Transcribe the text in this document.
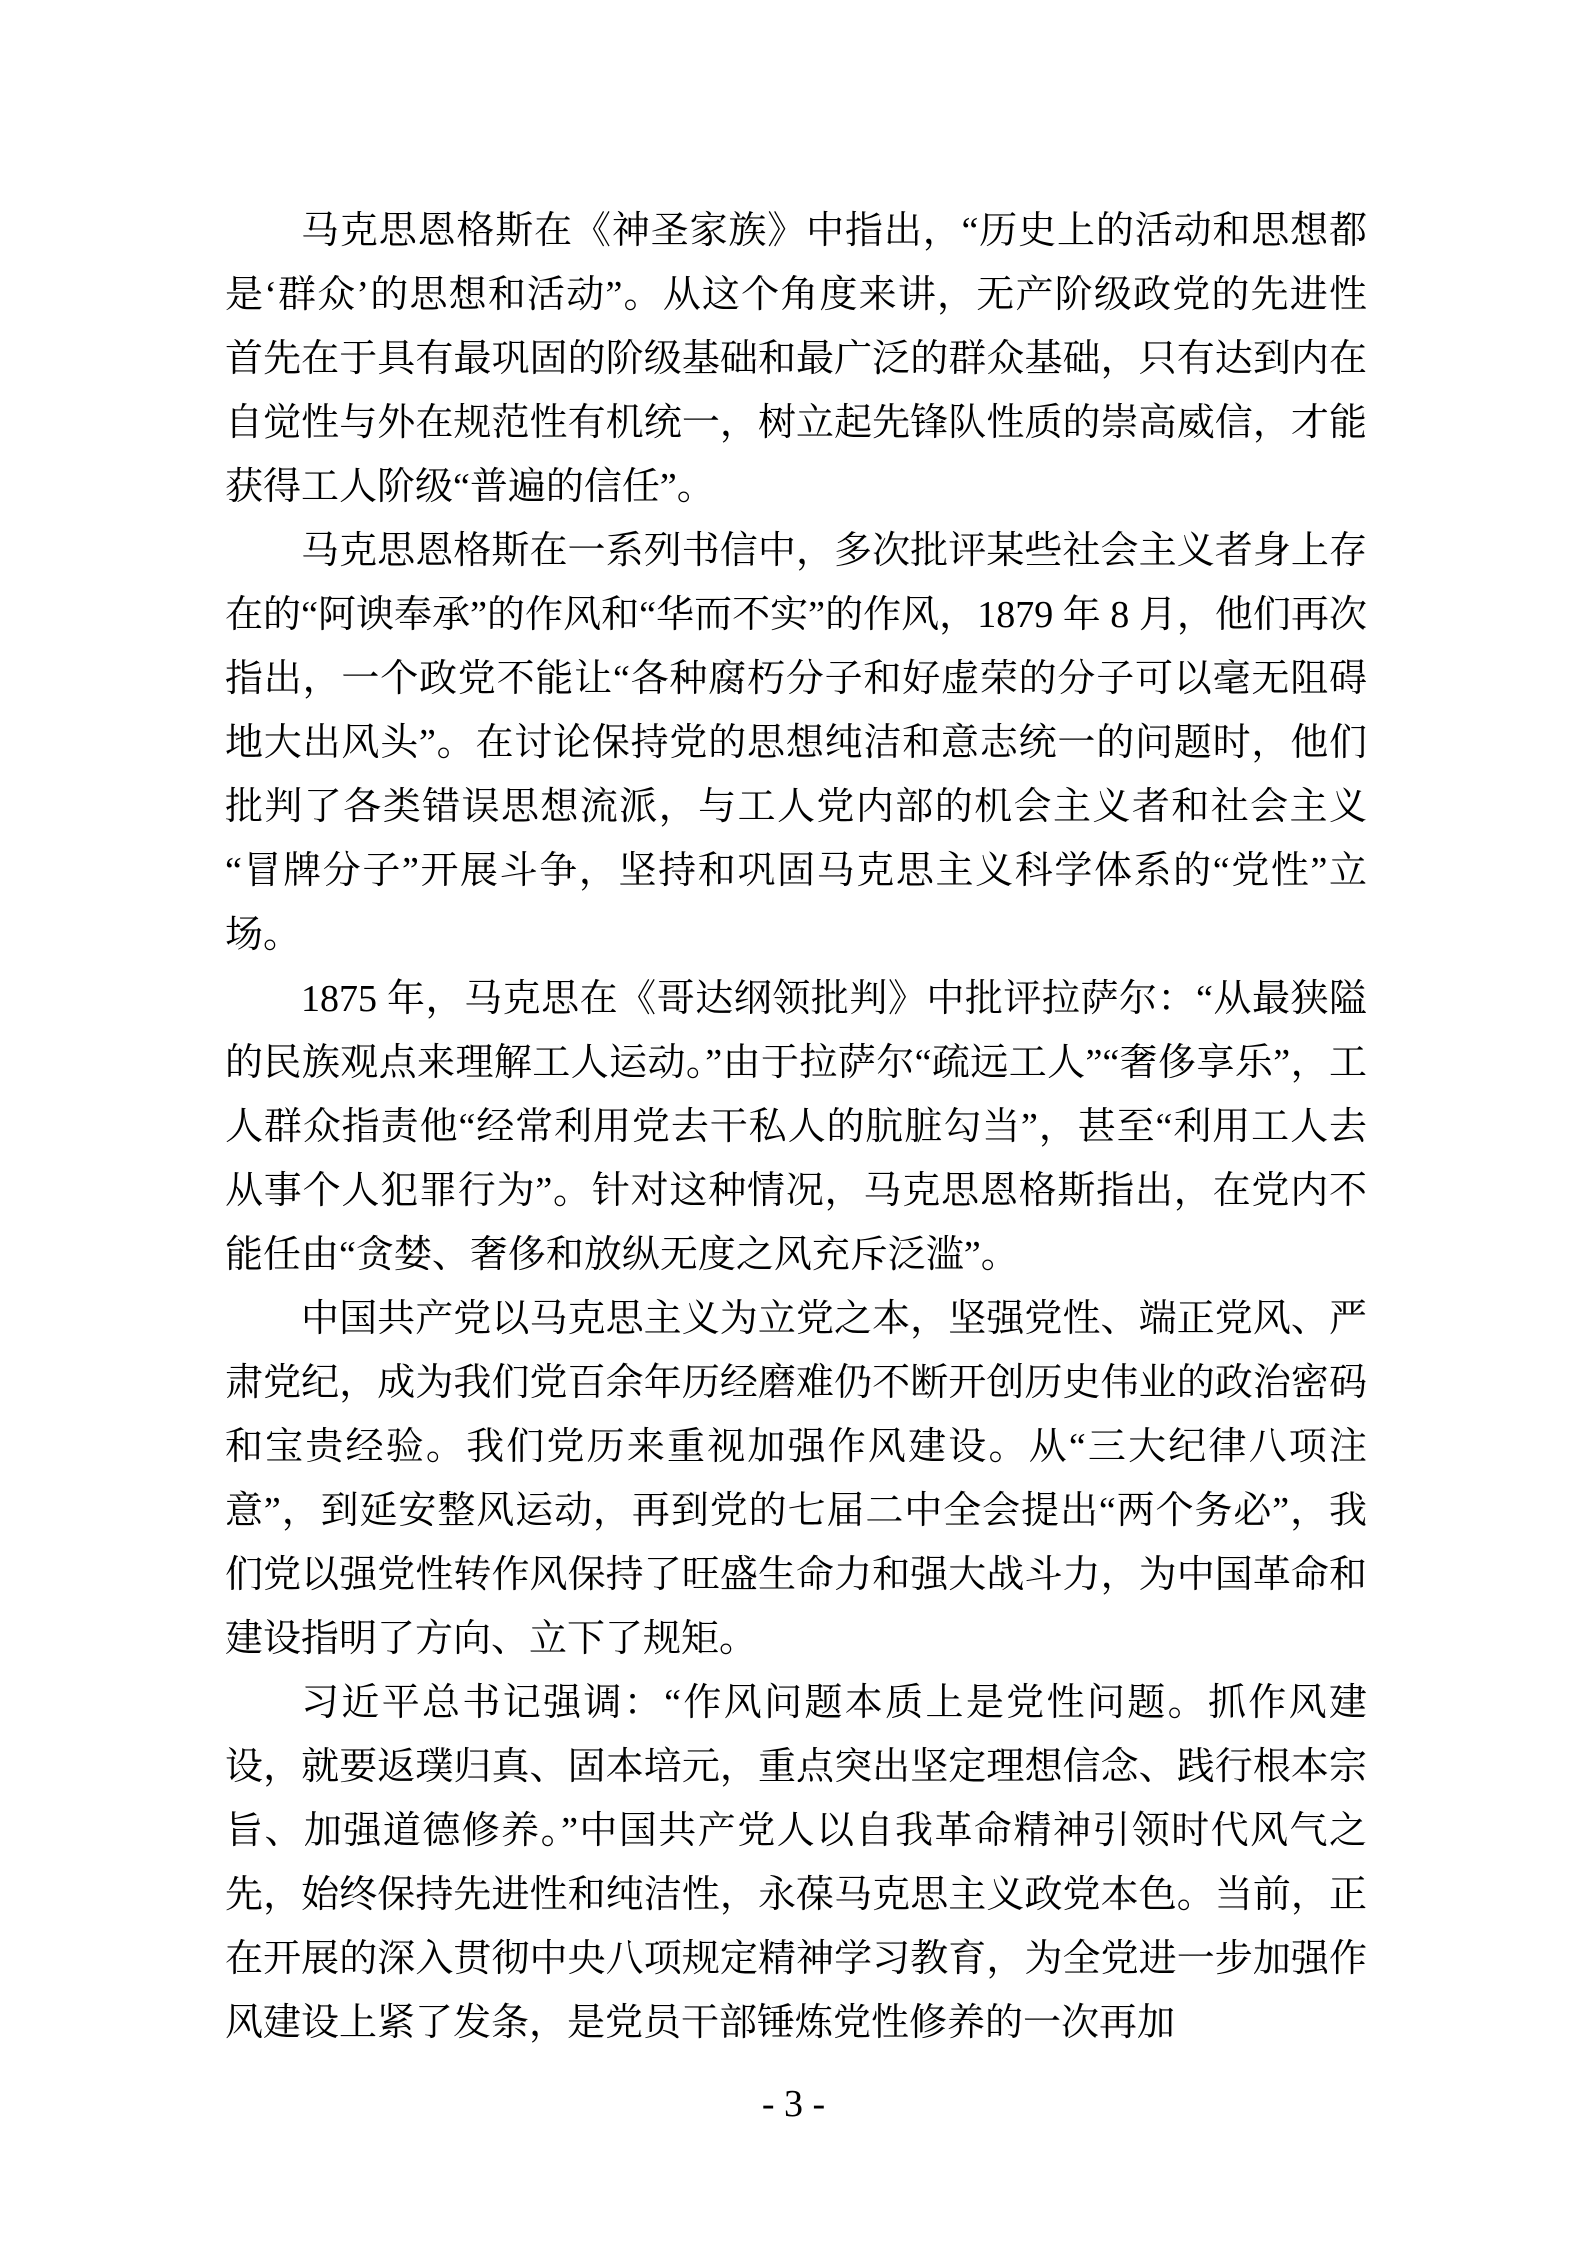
马克思恩格斯在《神圣家族》中指出，“历史上的活动和思想都是‘群众’的思想和活动”。从这个角度来讲，无产阶级政党的先进性首先在于具有最巩固的阶级基础和最广泛的群众基础，只有达到内在自觉性与外在规范性有机统一，树立起先锋队性质的崇高威信，才能获得工人阶级“普遍的信任”。

马克思恩格斯在一系列书信中，多次批评某些社会主义者身上存在的“阿谀奉承”的作风和“华而不实”的作风，1879 年 8 月，他们再次指出，一个政党不能让“各种腐朽分子和好虚荣的分子可以毫无阻碍地大出风头”。在讨论保持党的思想纯洁和意志统一的问题时，他们批判了各类错误思想流派，与工人党内部的机会主义者和社会主义“冒牌分子”开展斗争，坚持和巩固马克思主义科学体系的“党性”立场。

1875 年，马克思在《哥达纲领批判》中批评拉萨尔：“从最狭隘的民族观点来理解工人运动。”由于拉萨尔“疏远工人”“奢侈享乐”，工人群众指责他“经常利用党去干私人的肮脏勾当”，甚至“利用工人去从事个人犯罪行为”。针对这种情况，马克思恩格斯指出，在党内不能任由“贪婪、奢侈和放纵无度之风充斥泛滥”。

中国共产党以马克思主义为立党之本，坚强党性、端正党风、严肃党纪，成为我们党百余年历经磨难仍不断开创历史伟业的政治密码和宝贵经验。我们党历来重视加强作风建设。从“三大纪律八项注意”，到延安整风运动，再到党的七届二中全会提出“两个务必”，我们党以强党性转作风保持了旺盛生命力和强大战斗力，为中国革命和建设指明了方向、立下了规矩。

习近平总书记强调：“作风问题本质上是党性问题。抓作风建设，就要返璞归真、固本培元，重点突出坚定理想信念、践行根本宗旨、加强道德修养。”中国共产党人以自我革命精神引领时代风气之先，始终保持先进性和纯洁性，永葆马克思主义政党本色。当前，正在开展的深入贯彻中央八项规定精神学习教育，为全党进一步加强作风建设上紧了发条，是党员干部锤炼党性修养的一次再加

- 3 -
